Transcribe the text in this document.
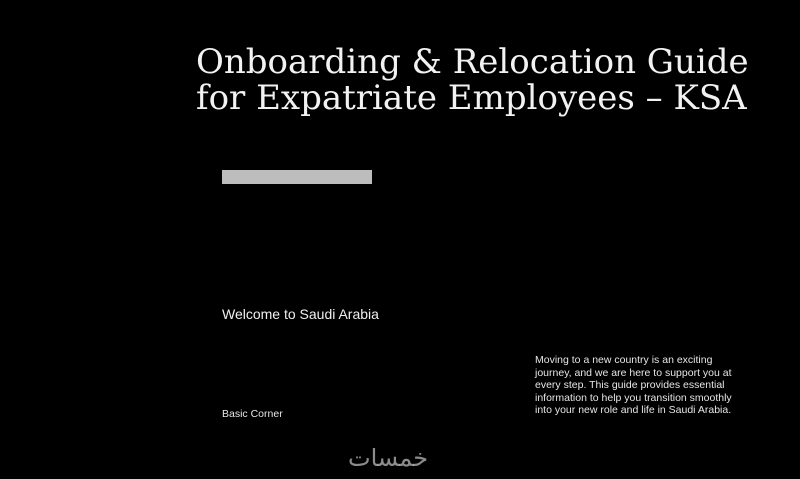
Onboarding & Relocation Guide
for Expatriate Employees – KSA
Welcome to Saudi Arabia

Moving to a new country is an exciting
journey, and we are here to support you at
every step. This guide provides essential
information to help you transition smoothly
into your new role and life in Saudi Arabia.

Basic Corner
خمسات
